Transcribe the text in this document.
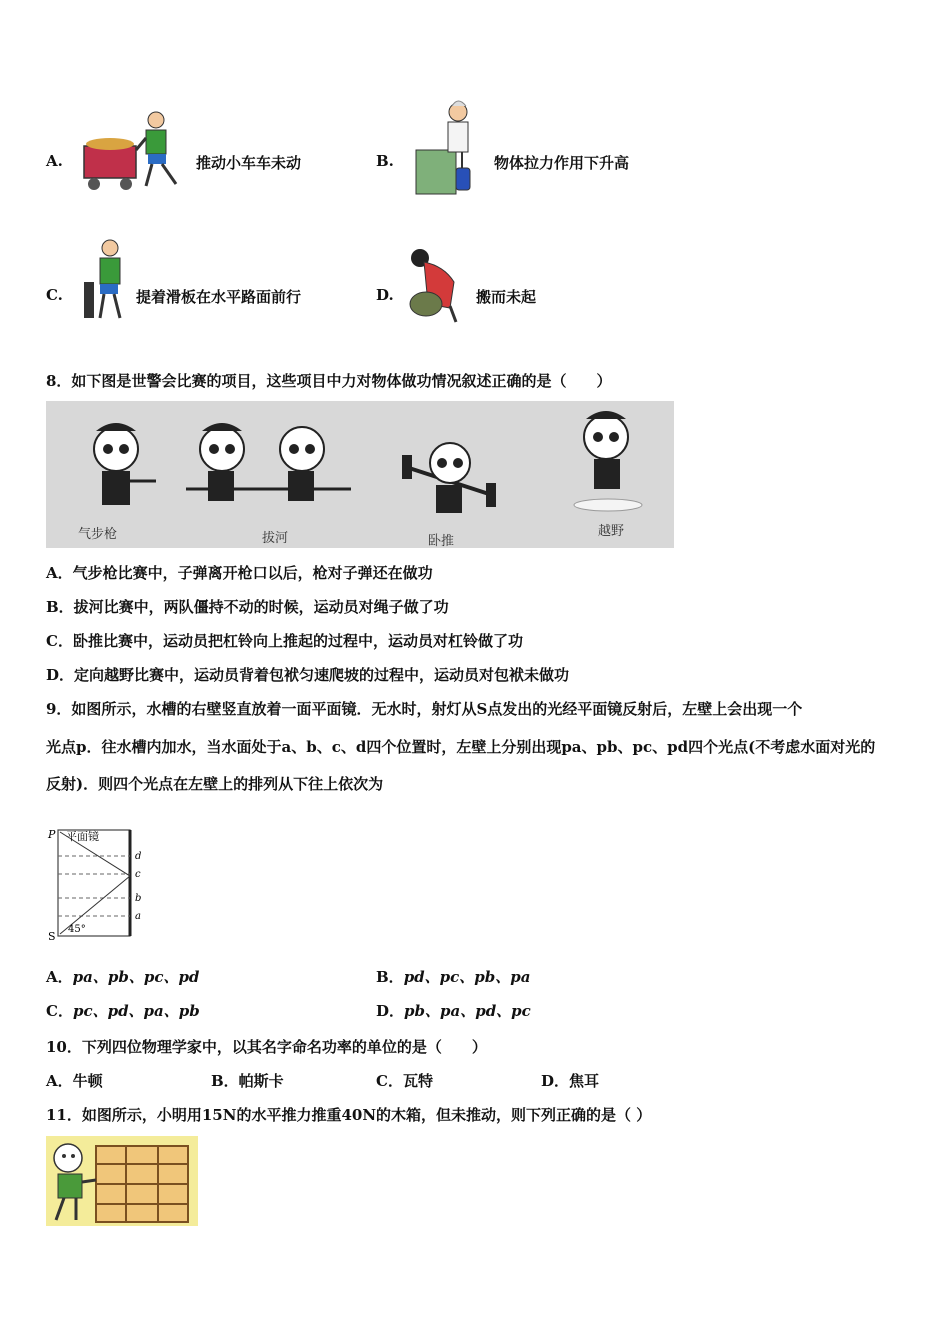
A.	推动小车车未动	B.	物体拉力作用下升高
C.	提着滑板在水平路面前行	D.	搬而未起
8．如下图是世警会比赛的项目，这些项目中力对物体做功情况叙述正确的是（　　）
气步枪	拔河	卧推
越野
A．气步枪比赛中，子弹离开枪口以后，枪对子弹还在做功
B．拔河比赛中，两队僵持不动的时候，运动员对绳子做了功
C．卧推比赛中，运动员把杠铃向上推起的过程中，运动员对杠铃做了功
D．定向越野比赛中，运动员背着包袱匀速爬坡的过程中，运动员对包袱未做功
9．如图所示，水槽的右壁竖直放着一面平面镜．无水时，射灯从S点发出的光经平面镜反射后，左壁上会出现一个
光点p．往水槽内加水，当水面处于a、b、c、d四个位置时，左壁上分别出现pa、pb、pc、pd四个光点(不考虑水面对光的
反射)．则四个光点在左壁上的排列从下往上依次为
P 平面镜
S
45°
d
c
b
a
A．pa、pb、pc、pd	B．pd、pc、pb、pa
C．pc、pd、pa、pb	D．pb、pa、pd、pc
10．下列四位物理学家中，以其名字命名功率的单位的是（　　）
A．牛顿	B．帕斯卡	C．瓦特	D．焦耳
11．如图所示，小明用15N的水平推力推重40N的木箱，但未推动，则下列正确的是（ ）
